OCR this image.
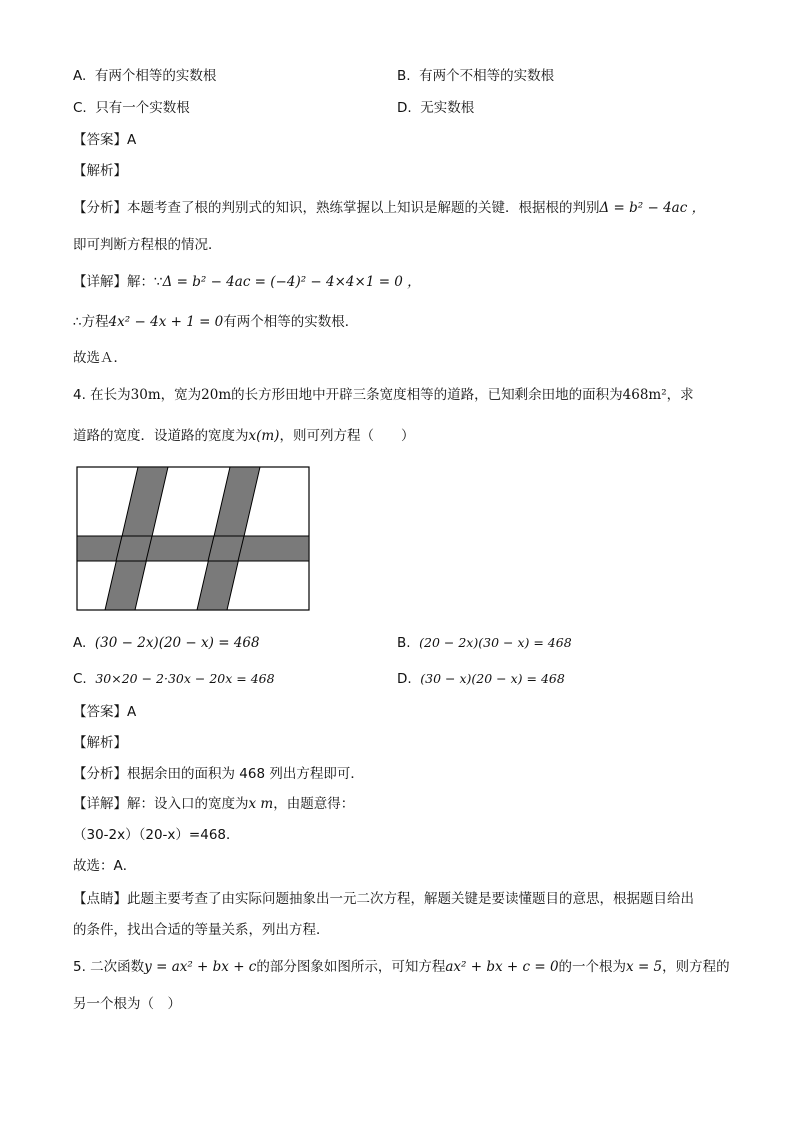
A. 有两个相等的实数根	B. 有两个不相等的实数根
C. 只有一个实数根	D. 无实数根
【答案】A
【解析】
【分析】本题考查了根的判别式的知识，熟练掌握以上知识是解题的关键．根据根的判别Δ = b² − 4ac ，
即可判断方程根的情况．
【详解】解：∵Δ = b² − 4ac = (−4)² − 4×4×1 = 0 ，
∴方程4x² − 4x + 1 = 0有两个相等的实数根．
故选Ａ．
4. 在长为30m，宽为20m的长方形田地中开辟三条宽度相等的道路，已知剩余田地的面积为468m²，求
道路的宽度．设道路的宽度为x(m)，则可列方程（　　）
A. (30 − 2x)(20 − x) = 468	B. (20 − 2x)(30 − x) = 468
C. 30×20 − 2·30x − 20x = 468	D. (30 − x)(20 − x) = 468
【答案】A
【解析】
【分析】根据余田的面积为 468 列出方程即可．
【详解】解：设入口的宽度为x m，由题意得：
（30-2x）（20-x）=468．
故选：A．
【点睛】此题主要考查了由实际问题抽象出一元二次方程，解题关键是要读懂题目的意思，根据题目给出
的条件，找出合适的等量关系，列出方程．
5. 二次函数y = ax² + bx + c的部分图象如图所示，可知方程ax² + bx + c = 0的一个根为x = 5，则方程的
另一个根为（　）
